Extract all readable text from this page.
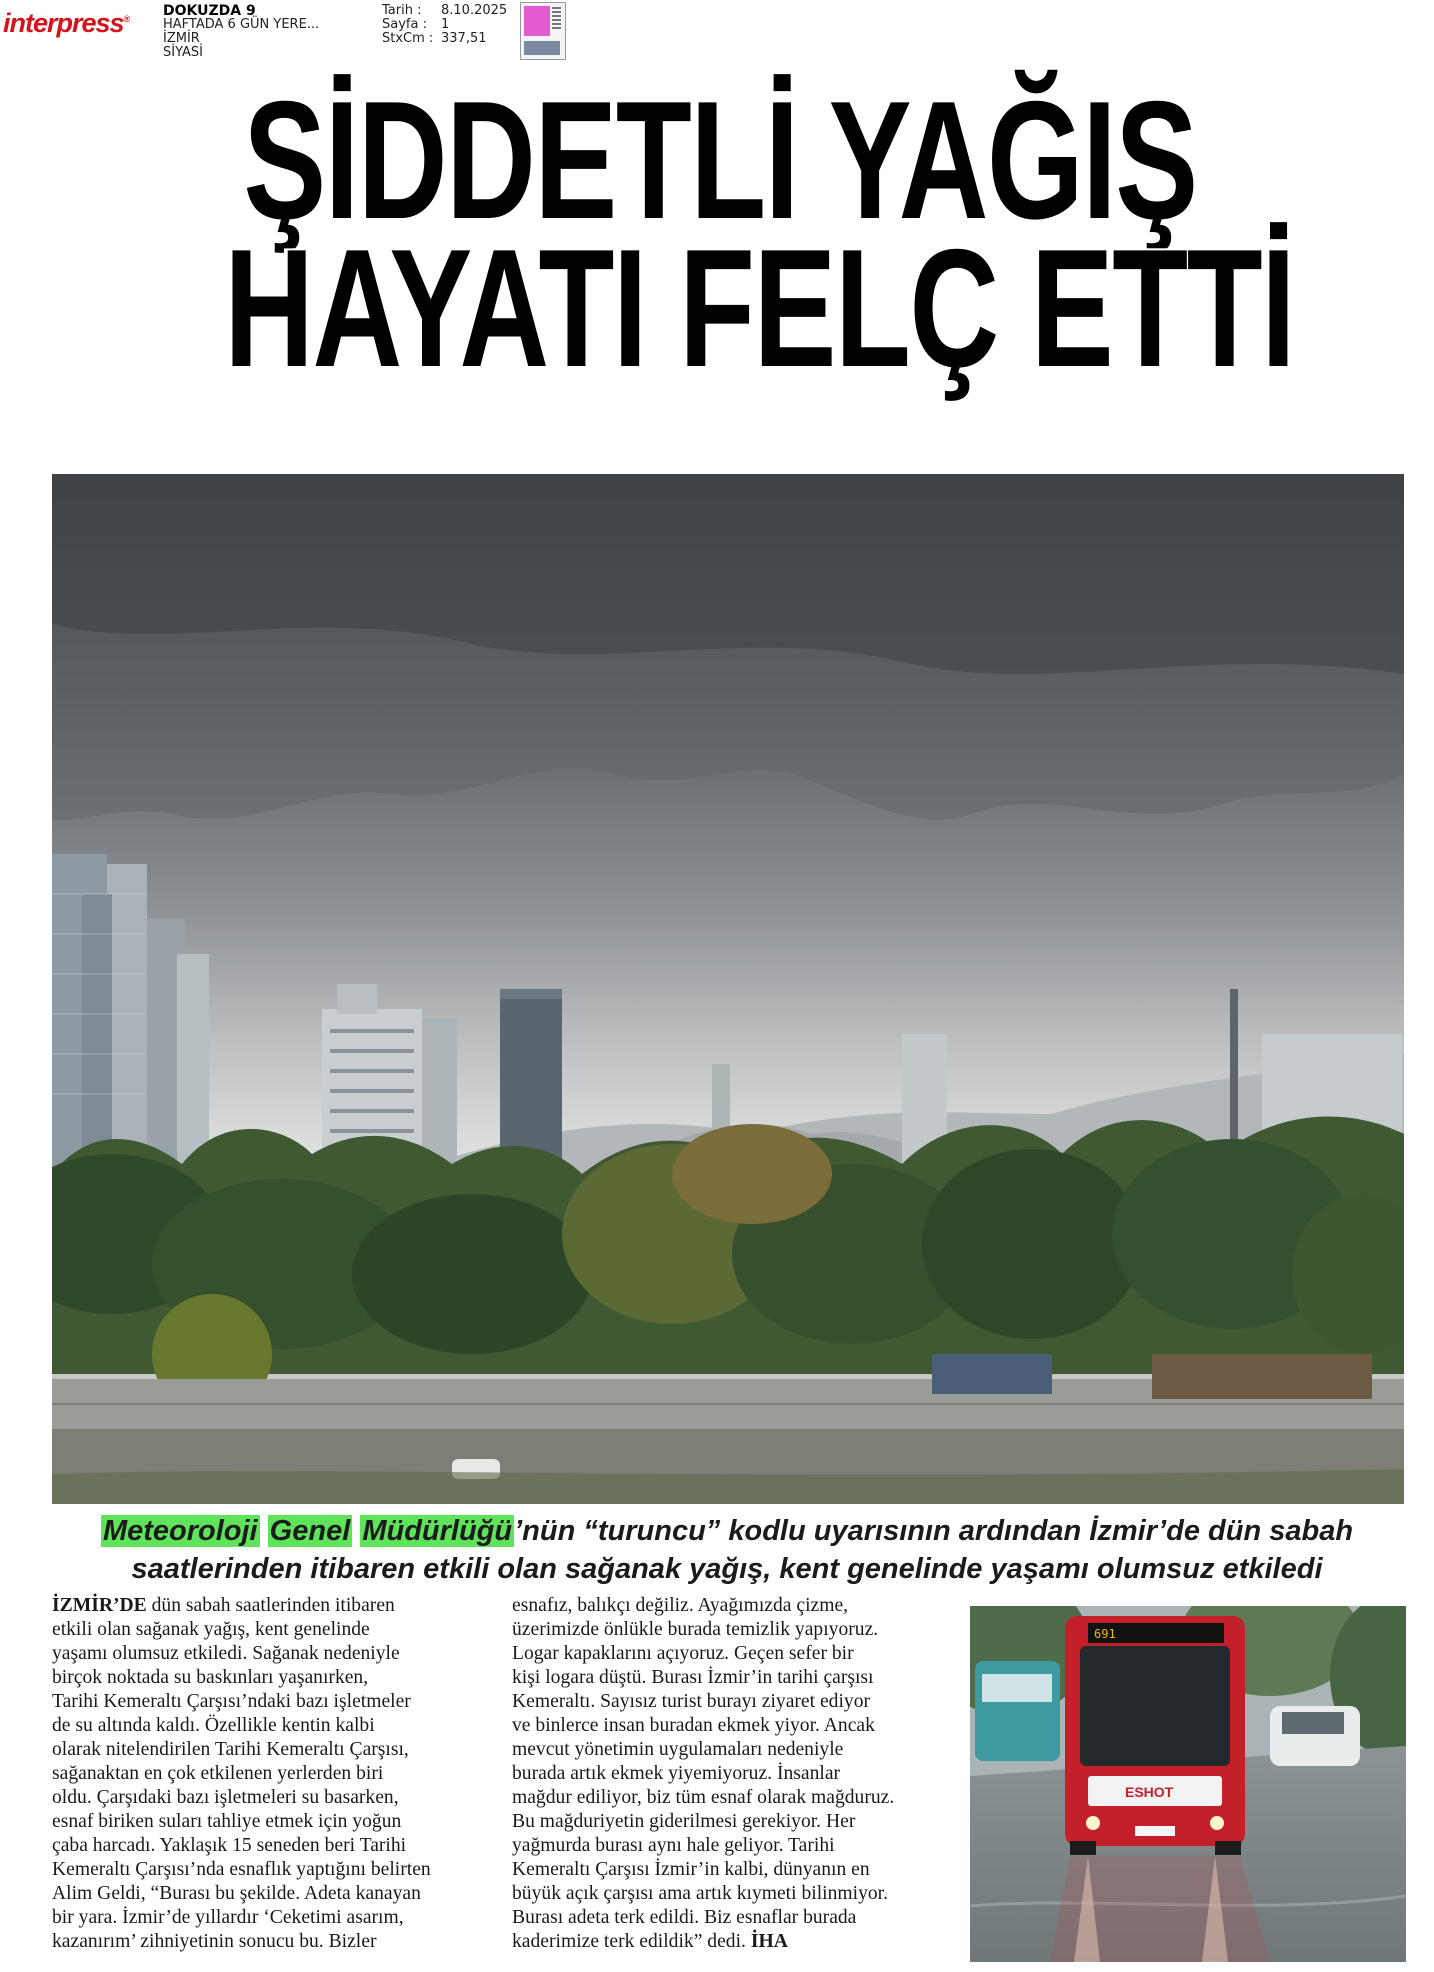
interpress® DOKUZDA 9
HAFTADA 6 GÜN YERE...
İZMİR
SİYASİ
Tarih :
Sayfa :
StxCm :
8.10.2025
1
337,51
ŞİDDETLİ YAĞIŞ
HAYATI FELÇ ETTİ

Meteoroloji Genel Müdürlüğü’nün “turuncu” kodlu uyarısının ardından İzmir’de dün sabah
saatlerinden itibaren etkili olan sağanak yağış, kent genelinde yaşamı olumsuz etkiledi

İZMİR’DE dün sabah saatlerinden itibaren
etkili olan sağanak yağış, kent genelinde
yaşamı olumsuz etkiledi. Sağanak nedeniyle
birçok noktada su baskınları yaşanırken,
Tarihi Kemeraltı Çarşısı’ndaki bazı işletmeler
de su altında kaldı. Özellikle kentin kalbi
olarak nitelendirilen Tarihi Kemeraltı Çarşısı,
sağanaktan en çok etkilenen yerlerden biri
oldu. Çarşıdaki bazı işletmeleri su basarken,
esnaf biriken suları tahliye etmek için yoğun
çaba harcadı. Yaklaşık 15 seneden beri Tarihi
Kemeraltı Çarşısı’nda esnaflık yaptığını belirten
Alim Geldi, “Burası bu şekilde. Adeta kanayan
bir yara. İzmir’de yıllardır ‘Ceketimi asarım,
kazanırım’ zihniyetinin sonucu bu. Bizler
esnafız, balıkçı değiliz. Ayağımızda çizme,
üzerimizde önlükle burada temizlik yapıyoruz.
Logar kapaklarını açıyoruz. Geçen sefer bir
kişi logara düştü. Burası İzmir’in tarihi çarşısı
Kemeraltı. Sayısız turist burayı ziyaret ediyor
ve binlerce insan buradan ekmek yiyor. Ancak
mevcut yönetimin uygulamaları nedeniyle
burada artık ekmek yiyemiyoruz. İnsanlar
mağdur ediliyor, biz tüm esnaf olarak mağduruz.
Bu mağduriyetin giderilmesi gerekiyor. Her
yağmurda burası aynı hale geliyor. Tarihi
Kemeraltı Çarşısı İzmir’in kalbi, dünyanın en
büyük açık çarşısı ama artık kıymeti bilinmiyor.
Burası adeta terk edildi. Biz esnaflar burada
kaderimize terk edildik” dedi. İHA
691
ESHOT
